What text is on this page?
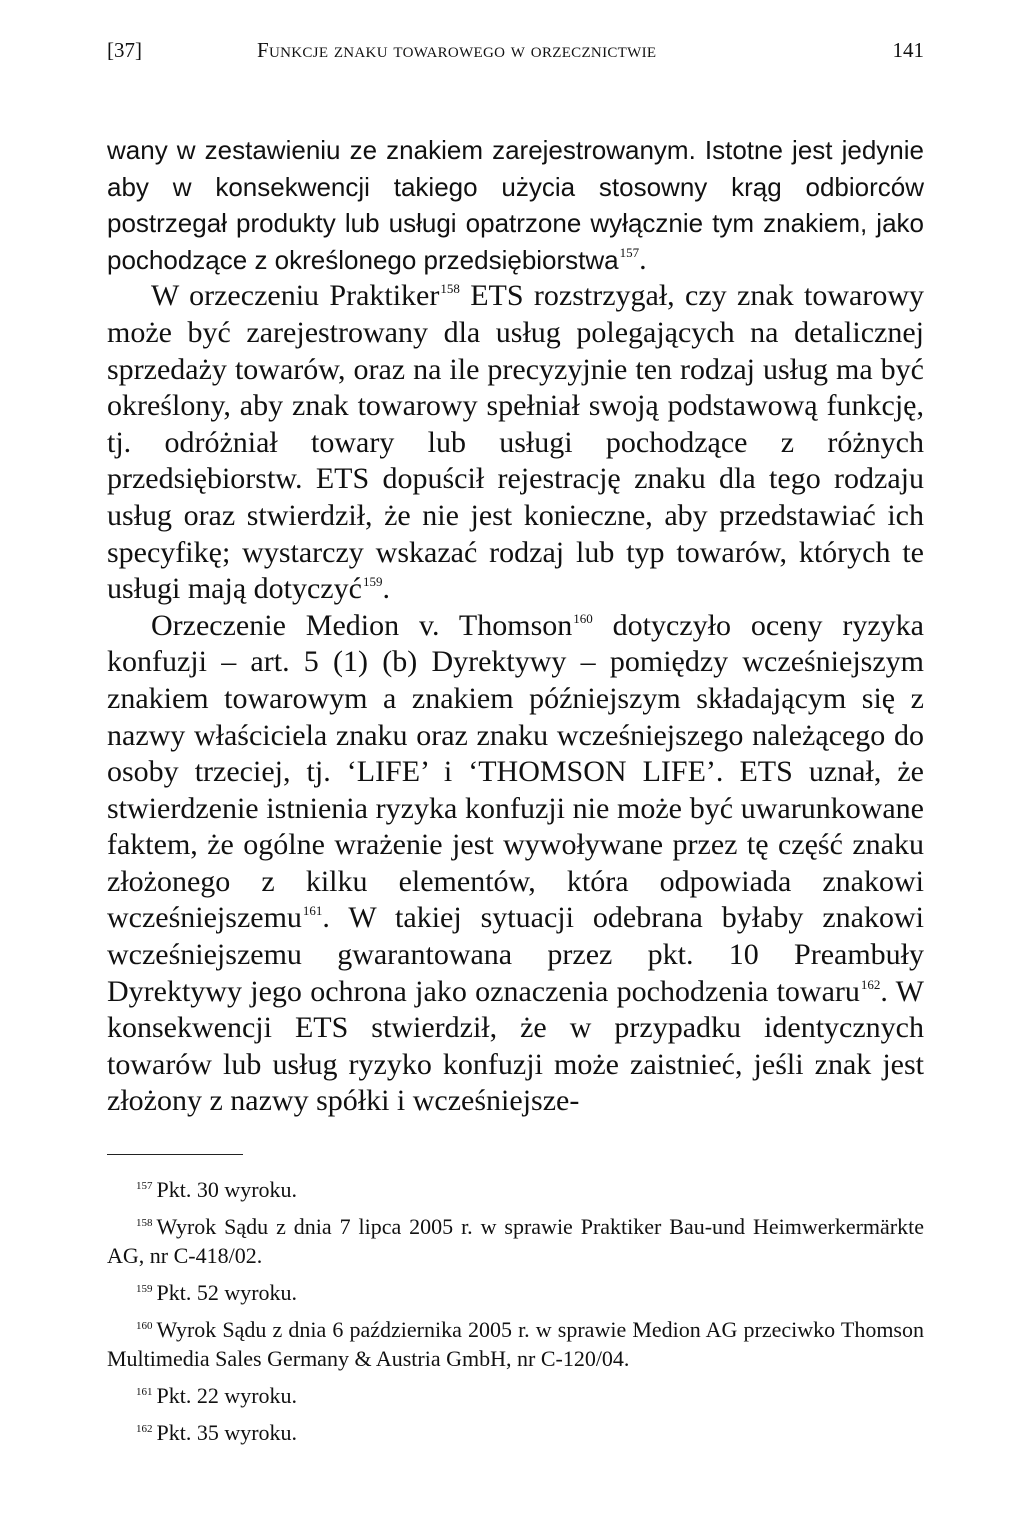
[37]	Funkcje znaku towarowego w orzecznictwie	141

wany w zestawieniu ze znakiem zarejestrowanym. Istotne jest jedynie aby w konsekwencji takiego użycia stosowny krąg odbiorców postrzegał produkty lub usługi opatrzone wyłącznie tym znakiem, jako pochodzące z określonego przedsiębiorstwa$^{157}$.

W orzeczeniu Praktiker$^{158}$ ETS rozstrzygał, czy znak towarowy może być zarejestrowany dla usług polegających na detalicznej sprzedaży towarów, oraz na ile precyzyjnie ten rodzaj usług ma być określony, aby znak towarowy spełniał swoją podstawową funkcję, tj. odróżniał towary lub usługi pochodzące z różnych przedsiębiorstw. ETS dopuścił rejestrację znaku dla tego rodzaju usług oraz stwierdził, że nie jest konieczne, aby przedstawiać ich specyfikę; wystarczy wskazać rodzaj lub typ towarów, których te usługi mają dotyczyć$^{159}$.

Orzeczenie Medion v. Thomson$^{160}$ dotyczyło oceny ryzyka konfuzji – art. 5 (1) (b) Dyrektywy – pomiędzy wcześniejszym znakiem towarowym a znakiem późniejszym składającym się z nazwy właściciela znaku oraz znaku wcześniejszego należącego do osoby trzeciej, tj. ‘LIFE’ i ‘THOMSON LIFE’. ETS uznał, że stwierdzenie istnienia ryzyka konfuzji nie może być uwarunkowane faktem, że ogólne wrażenie jest wywoływane przez tę część znaku złożonego z kilku elementów, która odpowiada znakowi wcześniejszemu$^{161}$. W takiej sytuacji odebrana byłaby znakowi wcześniejszemu gwarantowana przez pkt. 10 Preambuły Dyrektywy jego ochrona jako oznaczenia pochodzenia towaru$^{162}$. W konsekwencji ETS stwierdził, że w przypadku identycznych towarów lub usług ryzyko konfuzji może zaistnieć, jeśli znak jest złożony z nazwy spółki i wcześniejsze-

$^{157}$ Pkt. 30 wyroku.

$^{158}$ Wyrok Sądu z dnia 7 lipca 2005 r. w sprawie Praktiker Bau-und Heimwerkermärkte AG, nr C-418/02.

$^{159}$ Pkt. 52 wyroku.

$^{160}$ Wyrok Sądu z dnia 6 października 2005 r. w sprawie Medion AG przeciwko Thomson Multimedia Sales Germany & Austria GmbH, nr C-120/04.

$^{161}$ Pkt. 22 wyroku.

$^{162}$ Pkt. 35 wyroku.
